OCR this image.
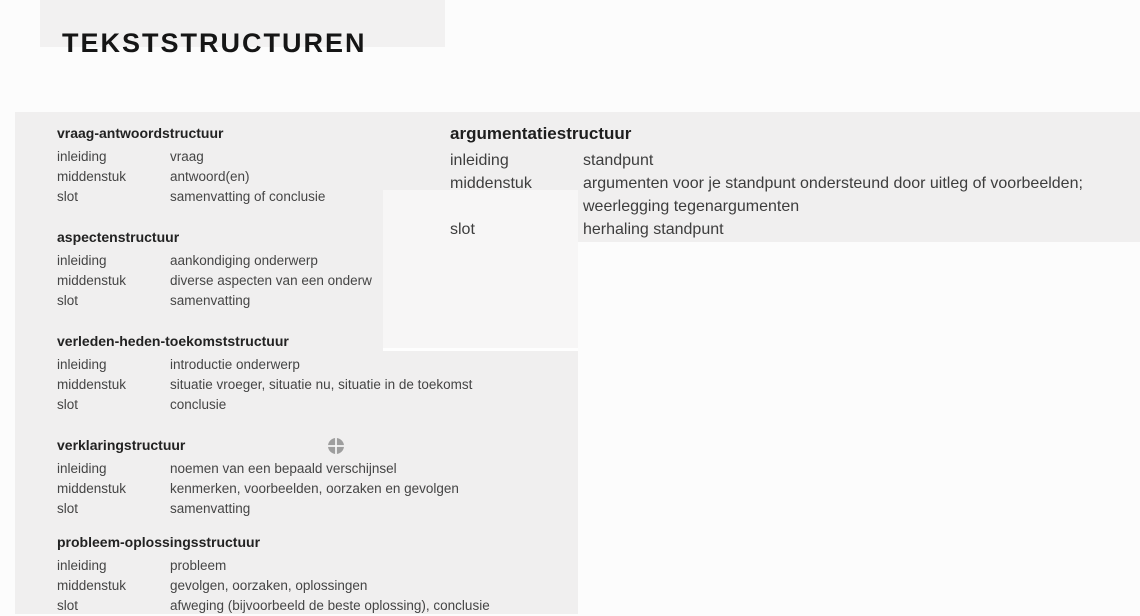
TEKSTSTRUCTUREN
vraag-antwoordstructuur
inleiding	vraag
middenstuk	antwoord(en)
slot	samenvatting of conclusie
aspectenstructuur
inleiding	aankondiging onderwerp
middenstuk	diverse aspecten van een onderw
slot	samenvatting
verleden-heden-toekomststructuur
inleiding	introductie onderwerp
middenstuk	situatie vroeger, situatie nu, situatie in de toekomst
slot	conclusie
verklaringstructuur
inleiding	noemen van een bepaald verschijnsel
middenstuk	kenmerken, voorbeelden, oorzaken en gevolgen
slot	samenvatting
probleem-oplossingsstructuur
inleiding	probleem
middenstuk	gevolgen, oorzaken, oplossingen
slot	afweging (bijvoorbeeld de beste oplossing), conclusie
argumentatiestructuur
inleiding	standpunt
middenstuk	argumenten voor je standpunt ondersteund door uitleg of voorbeelden;
weerlegging tegenargumenten
slot	herhaling standpunt
